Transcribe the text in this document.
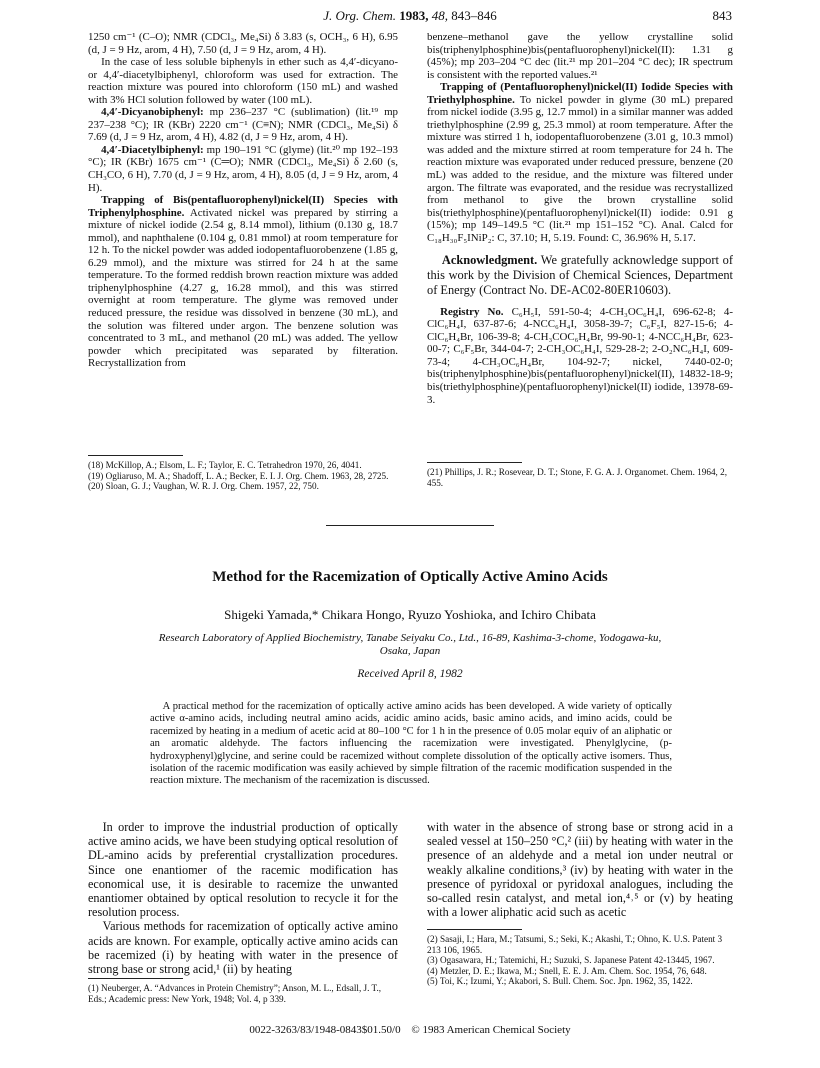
J. Org. Chem. 1983, 48, 843–846	843

1250 cm⁻¹ (C–O); NMR (CDCl₃, Me₄Si) δ 3.83 (s, OCH₃, 6 H), 6.95 (d, J = 9 Hz, arom, 4 H), 7.50 (d, J = 9 Hz, arom, 4 H).

In the case of less soluble biphenyls in ether such as 4,4′-dicyano- or 4,4′-diacetylbiphenyl, chloroform was used for extraction. The reaction mixture was poured into chloroform (150 mL) and washed with 3% HCl solution followed by water (100 mL).

4,4′-Dicyanobiphenyl: mp 236–237 °C (sublimation) (lit.¹⁹ mp 237–238 °C); IR (KBr) 2220 cm⁻¹ (C≡N); NMR (CDCl₃, Me₄Si) δ 7.69 (d, J = 9 Hz, arom, 4 H), 4.82 (d, J = 9 Hz, arom, 4 H).

4,4′-Diacetylbiphenyl: mp 190–191 °C (glyme) (lit.²⁰ mp 192–193 °C); IR (KBr) 1675 cm⁻¹ (C═O); NMR (CDCl₃, Me₄Si) δ 2.60 (s, CH₃CO, 6 H), 7.70 (d, J = 9 Hz, arom, 4 H), 8.05 (d, J = 9 Hz, arom, 4 H).

Trapping of Bis(pentafluorophenyl)nickel(II) Species with Triphenylphosphine. Activated nickel was prepared by stirring a mixture of nickel iodide (2.54 g, 8.14 mmol), lithium (0.130 g, 18.7 mmol), and naphthalene (0.104 g, 0.81 mmol) at room temperature for 12 h. To the nickel powder was added iodopentafluorobenzene (1.85 g, 6.29 mmol), and the mixture was stirred for 24 h at the same temperature. To the formed reddish brown reaction mixture was added triphenylphosphine (4.27 g, 16.28 mmol), and this was stirred overnight at room temperature. The glyme was removed under reduced pressure, the residue was dissolved in benzene (30 mL), and the solution was filtered under argon. The benzene solution was concentrated to 3 mL, and methanol (20 mL) was added. The yellow powder which precipitated was separated by filteration. Recrystallization from

(18) McKillop, A.; Elsom, L. F.; Taylor, E. C. Tetrahedron 1970, 26, 4041.
(19) Ogliaruso, M. A.; Shadoff, L. A.; Becker, E. I. J. Org. Chem. 1963, 28, 2725.
(20) Sloan, G. J.; Vaughan, W. R. J. Org. Chem. 1957, 22, 750.

benzene–methanol gave the yellow crystalline solid bis(triphenylphosphine)bis(pentafluorophenyl)nickel(II): 1.31 g (45%); mp 203–204 °C dec (lit.²¹ mp 201–204 °C dec); IR spectrum is consistent with the reported values.²¹

Trapping of (Pentafluorophenyl)nickel(II) Iodide Species with Triethylphosphine. To nickel powder in glyme (30 mL) prepared from nickel iodide (3.95 g, 12.7 mmol) in a similar manner was added triethylphosphine (2.99 g, 25.3 mmol) at room temperature. After the mixture was stirred 1 h, iodopentafluorobenzene (3.01 g, 10.3 mmol) was added and the mixture stirred at room temperature for 24 h. The reaction mixture was evaporated under reduced pressure, benzene (20 mL) was added to the residue, and the mixture was filtered under argon. The filtrate was evaporated, and the residue was recrystallized from methanol to give the brown crystalline solid bis(triethylphosphine)(pentafluorophenyl)nickel(II) iodide: 0.91 g (15%); mp 149–149.5 °C (lit.²¹ mp 151–152 °C). Anal. Calcd for C₁₈H₃₀F₅INiP₂: C, 37.10; H, 5.19. Found: C, 36.96% H, 5.17.

Acknowledgment. We gratefully acknowledge support of this work by the Division of Chemical Sciences, Department of Energy (Contract No. DE-AC02-80ER10603).

Registry No. C₆H₅I, 591-50-4; 4-CH₃OC₆H₄I, 696-62-8; 4-ClC₆H₄I, 637-87-6; 4-NCC₆H₄I, 3058-39-7; C₆F₅I, 827-15-6; 4-ClC₆H₄Br, 106-39-8; 4-CH₃COC₆H₄Br, 99-90-1; 4-NCC₆H₄Br, 623-00-7; C₆F₅Br, 344-04-7; 2-CH₃OC₆H₄I, 529-28-2; 2-O₂NC₆H₄I, 609-73-4; 4-CH₃OC₆H₄Br, 104-92-7; nickel, 7440-02-0; bis(triphenylphosphine)bis(pentafluorophenyl)nickel(II), 14832-18-9; bis(triethylphosphine)(pentafluorophenyl)nickel(II) iodide, 13978-69-3.

(21) Phillips, J. R.; Rosevear, D. T.; Stone, F. G. A. J. Organomet. Chem. 1964, 2, 455.
Method for the Racemization of Optically Active Amino Acids
Shigeki Yamada,* Chikara Hongo, Ryuzo Yoshioka, and Ichiro Chibata
Research Laboratory of Applied Biochemistry, Tanabe Seiyaku Co., Ltd., 16-89, Kashima-3-chome, Yodogawa-ku, Osaka, Japan
Received April 8, 1982

A practical method for the racemization of optically active amino acids has been developed. A wide variety of optically active α-amino acids, including neutral amino acids, acidic amino acids, basic amino acids, and imino acids, could be racemized by heating in a medium of acetic acid at 80–100 °C for 1 h in the presence of 0.05 molar equiv of an aliphatic or an aromatic aldehyde. The factors influencing the racemization were investigated. Phenylglycine, (p-hydroxyphenyl)glycine, and serine could be racemized without complete dissolution of the optically active isomers. Thus, isolation of the racemic modification was easily achieved by simple filtration of the racemic modification suspended in the reaction mixture. The mechanism of the racemization is discussed.

In order to improve the industrial production of optically active amino acids, we have been studying optical resolution of DL-amino acids by preferential crystallization procedures. Since one enantiomer of the racemic modification has economical use, it is desirable to racemize the unwanted enantiomer obtained by optical resolution to recycle it for the resolution process.

Various methods for racemization of optically active amino acids are known. For example, optically active amino acids can be racemized (i) by heating with water in the presence of strong base or strong acid,¹ (ii) by heating

with water in the absence of strong base or strong acid in a sealed vessel at 150–250 °C,² (iii) by heating with water in the presence of an aldehyde and a metal ion under neutral or weakly alkaline conditions,³ (iv) by heating with water in the presence of pyridoxal or pyridoxal analogues, including the so-called resin catalyst, and metal ion,⁴˒⁵ or (v) by heating with a lower aliphatic acid such as acetic

(1) Neuberger, A. “Advances in Protein Chemistry”; Anson, M. L., Edsall, J. T., Eds.; Academic press: New York, 1948; Vol. 4, p 339.
(2) Sasaji, I.; Hara, M.; Tatsumi, S.; Seki, K.; Akashi, T.; Ohno, K. U.S. Patent 3 213 106, 1965.
(3) Ogasawara, H.; Tatemichi, H.; Suzuki, S. Japanese Patent 42-13445, 1967.
(4) Metzler, D. E.; Ikawa, M.; Snell, E. E. J. Am. Chem. Soc. 1954, 76, 648.
(5) Toi, K.; Izumi, Y.; Akabori, S. Bull. Chem. Soc. Jpn. 1962, 35, 1422.
0022-3263/83/1948-0843$01.50/0 © 1983 American Chemical Society
